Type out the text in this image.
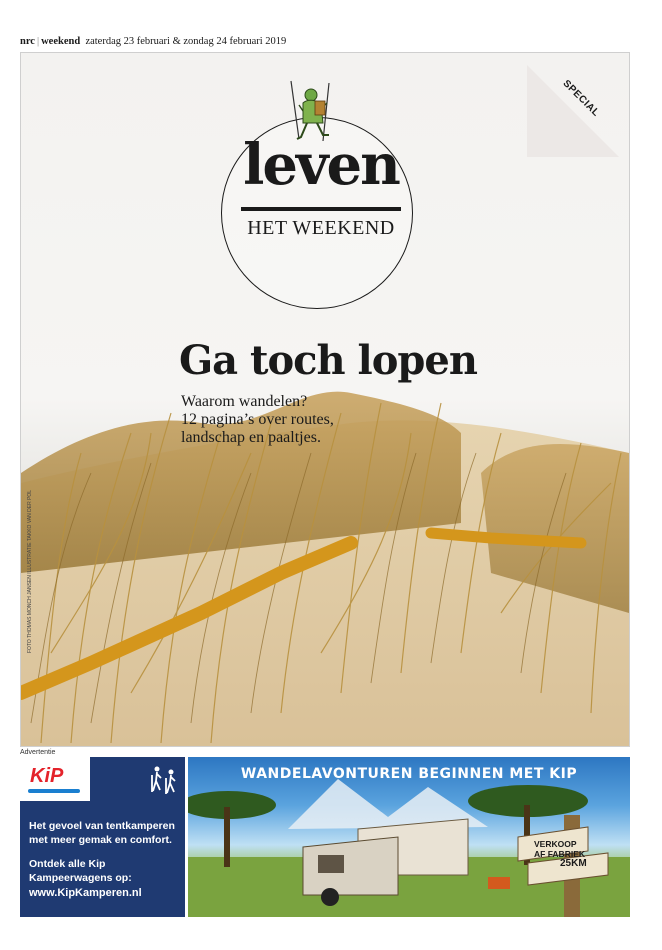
nrc | weekend zaterdag 23 februari & zondag 24 februari 2019
SPECIAL
leven
HET WEEKEND
Ga toch lopen
Waarom wandelen?
12 pagina’s over routes,
landschap en paaltjes.
FOTO THOMAS MONCH JANSEN ILLUSTRATIE TAKKO VAN DER POL
Advertentie
KiP
Het gevoel van tentkamperen met meer gemak en comfort.
Ontdek alle Kip Kampeerwagens op:
www.KipKamperen.nl
WANDELAVONTUREN BEGINNEN MET KIP
VERKOOP
AF FABRIEK
25KM
